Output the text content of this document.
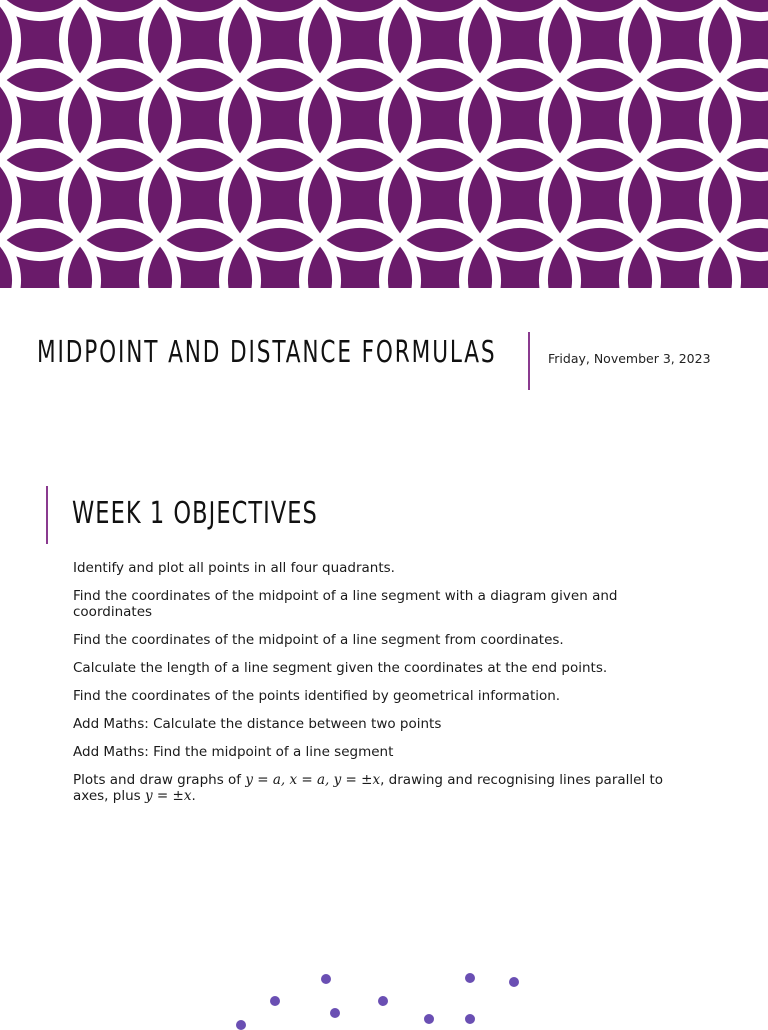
MIDPOINT AND DISTANCE FORMULAS	Friday, November 3, 2023
WEEK 1 OBJECTIVES
Identify and plot all points in all four quadrants.
Find the coordinates of the midpoint of a line segment with a diagram given and coordinates
Find the coordinates of the midpoint of a line segment from coordinates.
Calculate the length of a line segment given the coordinates at the end points.
Find the coordinates of the points identified by geometrical information.
Add Maths: Calculate the distance between two points
Add Maths: Find the midpoint of a line segment
Plots and draw graphs of y = a, x = a, y = ±x, drawing and recognising lines parallel to axes, plus y = ±x.
